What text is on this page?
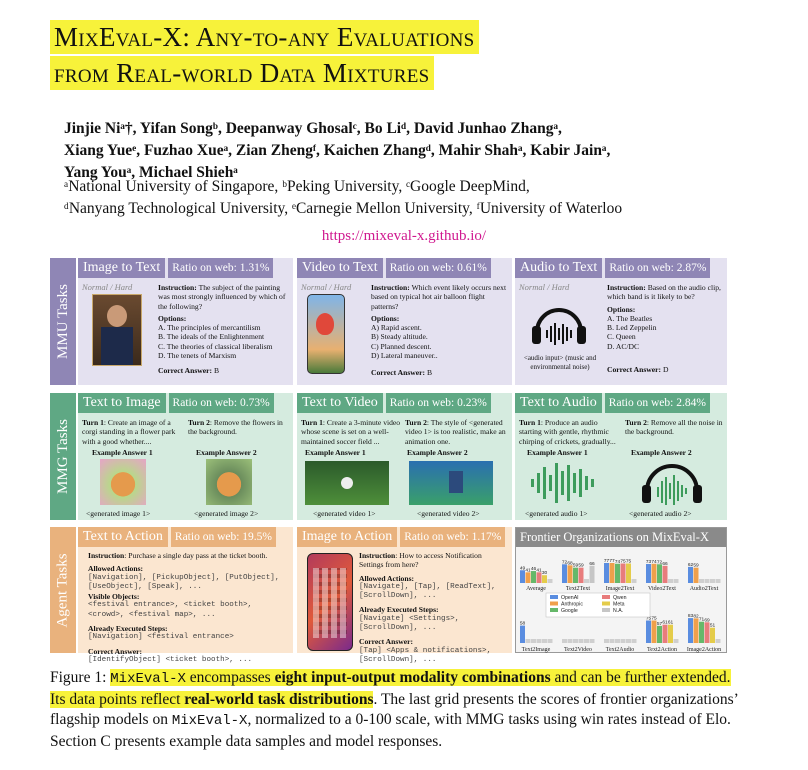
MixEval-X: Any-to-any Evaluations
from Real-world Data Mixtures
Jinjie Niᵃ†, Yifan Songᵇ, Deepanway Ghosalᶜ, Bo Liᵈ, David Junhao Zhangᵃ,
Xiang Yueᵉ, Fuzhao Xueᵃ, Zian Zhengᶠ, Kaichen Zhangᵈ, Mahir Shahᵃ, Kabir Jainᵃ,
Yang Youᵃ, Michael Shiehᵃ
ᵃNational University of Singapore, ᵇPeking University, ᶜGoogle DeepMind,
ᵈNanyang Technological University, ᵉCarnegie Mellon University, ᶠUniversity of Waterloo
https://mixeval-x.github.io/
MMU Tasks
MMG Tasks
Agent Tasks
Image to Text	Ratio on web: 1.31%
Normal / Hard	Instruction: The subject of the painting was most strongly influenced by which of the following?
Options:
A. The principles of mercantilism
B. The ideals of the Enlightenment
C. The theories of classical liberalism
D. The tenets of Marxism
Correct Answer: B
Video to Text	Ratio on web: 0.61%
Normal / Hard	Instruction: Which event likely occurs next based on typical hot air balloon flight patterns?
Options:
A) Rapid ascent.
B) Steady altitude.
C) Planned descent.
D) Lateral maneuver..
Correct Answer: B
Audio to Text	Ratio on web: 2.87%
Normal / Hard
<audio input> (music and environmental noise)
Instruction: Based on the audio clip, which band is it likely to be?
Options:
A. The Beatles
B. Led Zeppelin
C. Queen
D. AC/DC
Correct Answer: D
Text to Image	Ratio on web: 0.73%
Turn 1: Create an image of a corgi standing in a flower park with a good whether....
Turn 2: Remove the flowers in the background.
Example Answer 1	Example Answer 2
<generated image 1>	<generated image 2>
Text to Video	Ratio on web: 0.23%
Turn 1: Create a 3-minute video whose scene is set on a well-maintained soccer field ...
Turn 2: The style of <generated video 1> is too realistic, make an animation one.
Example Answer 1	Example Answer 2
<generated video 1>	<generated video 2>
Text to Audio	Ratio on web: 2.84%
Turn 1: Produce an audio starting with gentle, rhythmic chirping of crickets, gradually...
Turn 2: Remove all the noise in the background.
Example Answer 1	Example Answer 2
<generated audio 1>	<generated audio 2>
Text to Action	Ratio on web: 19.5%
Instruction: Purchase a single day pass at the ticket booth.
Allowed Actions:
[Navigation], [PickupObject], [PutObject], [UseObject], [Speak], ...
Visible Objects:
<festival entrance>, <ticket booth>, <crowd>, <festival map>, ...
Already Executed Steps:
[Navigation] <festival entrance>
Correct Answer:
[IdentifyObject] <ticket booth>, ...
Image to Action	Ratio on web: 1.17%
Instruction: How to access Notification Settings from here?
Allowed Actions:
[Navigate], [Tap], [ReadText], [ScrollDown], ...
Already Executed Steps:
[Navigate] <Settings>, [ScrollDown], ...
Correct Answer:
[Tap] <Apps & notifications>, [ScrollDown], ...
Frontier Organizations on MixEval-X
49 41 46 41
30
Average
72 68 59 59 66
Text2Text
77 77 74 75 75
Image2Text
73 74 72 66
Video2Text
62 59
Audio2Text
58
Text2Image Text2Video Text2Audio
75 75
57 61 61
Text2Action
83 82
71 69
51
Image2Action
OpenAI
Anthropic
Google
Qwen
Meta
N.A.
Figure 1: MixEval-X encompasses eight input-output modality combinations and can be further extended. Its data points reflect real-world task distributions. The last grid presents the scores of frontier organizations’ flagship models on MixEval-X, normalized to a 0-100 scale, with MMG tasks using win rates instead of Elo. Section C presents example data samples and model responses.
